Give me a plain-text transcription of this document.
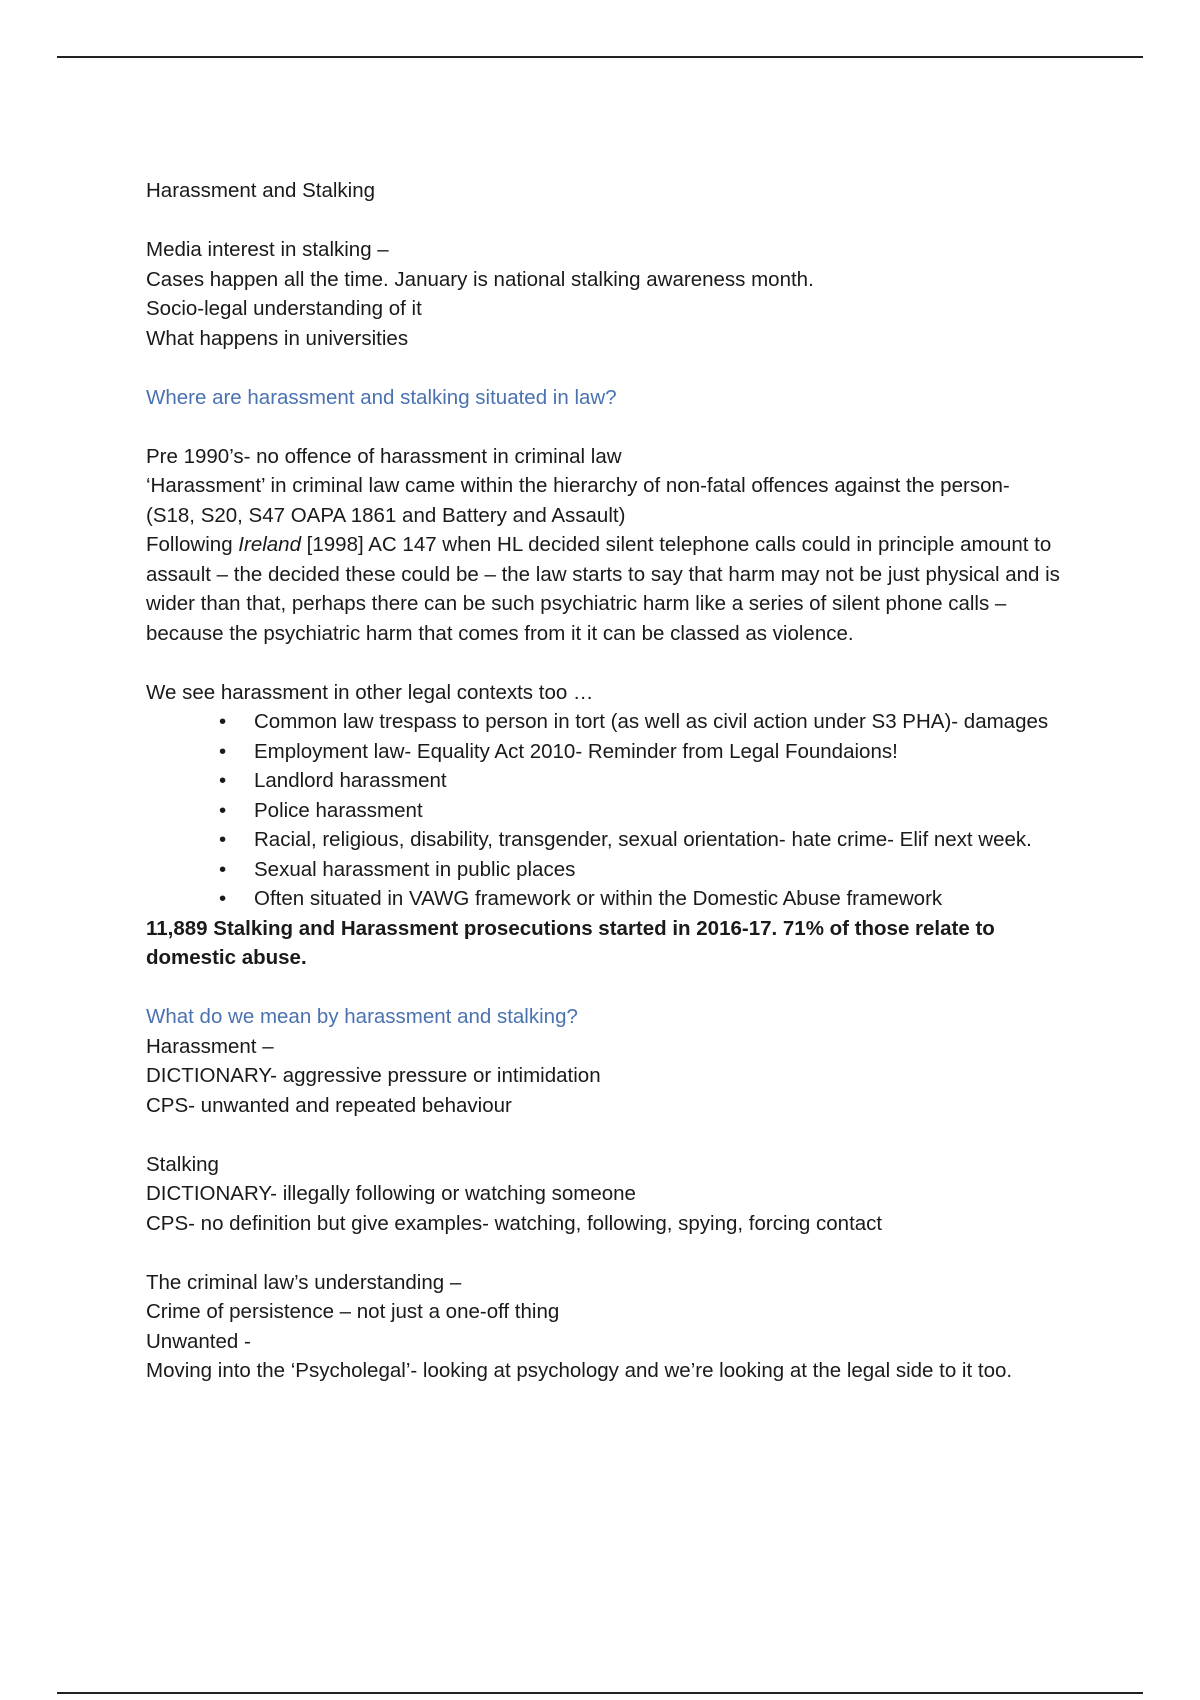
Harassment and Stalking

Media interest in stalking –

Cases happen all the time. January is national stalking awareness month.

Socio-legal understanding of it

What happens in universities

Where are harassment and stalking situated in law?

Pre 1990’s- no offence of harassment in criminal law

‘Harassment’ in criminal law came within the hierarchy of non-fatal offences against the person-

(S18, S20, S47 OAPA 1861 and Battery and Assault)

Following Ireland [1998] AC 147 when HL decided silent telephone calls could in principle amount to assault – the decided these could be – the law starts to say that harm may not be just physical and is wider than that, perhaps there can be such psychiatric harm like a series of silent phone calls – because the psychiatric harm that comes from it it can be classed as violence.

We see harassment in other legal contexts too …

• Common law trespass to person in tort (as well as civil action under S3 PHA)- damages
• Employment law- Equality Act 2010- Reminder from Legal Foundaions!
• Landlord harassment
• Police harassment
• Racial, religious, disability, transgender, sexual orientation- hate crime- Elif next week.
• Sexual harassment in public places
• Often situated in VAWG framework or within the Domestic Abuse framework

11,889 Stalking and Harassment prosecutions started in 2016-17. 71% of those relate to domestic abuse.

What do we mean by harassment and stalking?

Harassment –

DICTIONARY- aggressive pressure or intimidation

CPS- unwanted and repeated behaviour

Stalking

DICTIONARY- illegally following or watching someone

CPS- no definition but give examples- watching, following, spying, forcing contact

The criminal law’s understanding –

Crime of persistence – not just a one-off thing

Unwanted -

Moving into the ‘Psycholegal’- looking at psychology and we’re looking at the legal side to it too.
